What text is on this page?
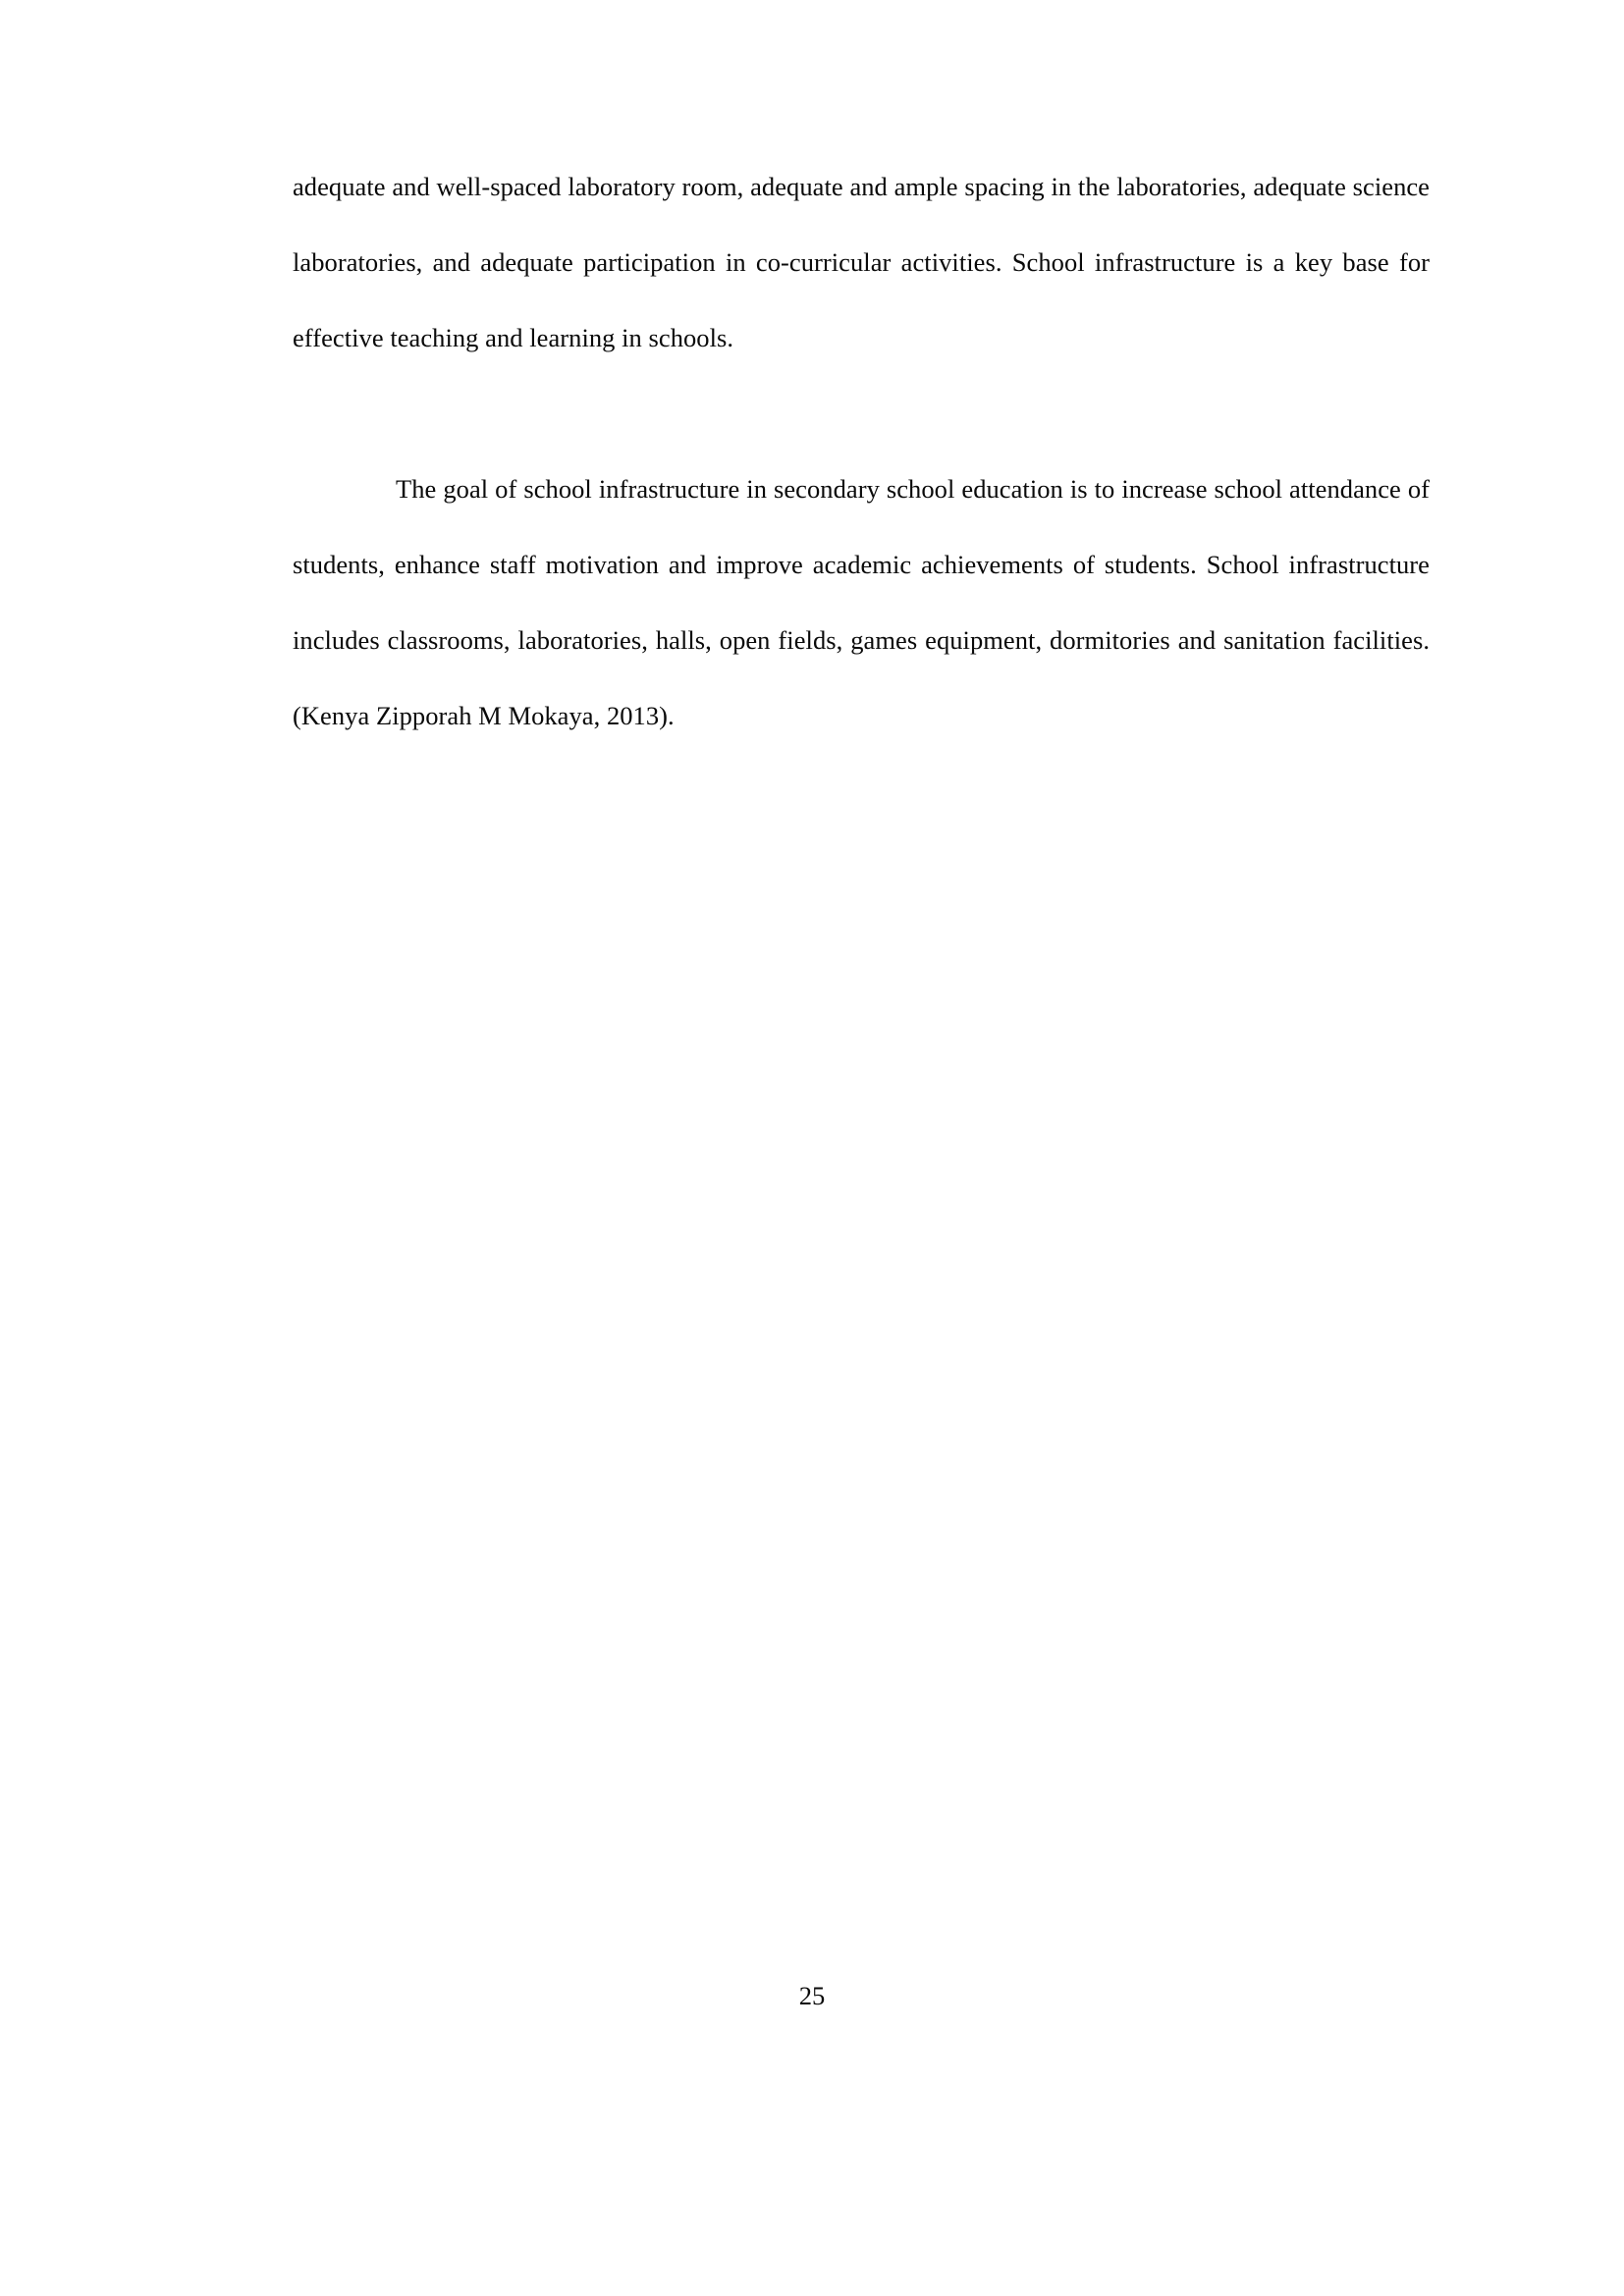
adequate and well-spaced laboratory room, adequate and ample spacing in the laboratories, adequate science laboratories, and adequate participation in co-curricular activities. School infrastructure is a key base for effective teaching and learning in schools.

The goal of school infrastructure in secondary school education is to increase school attendance of students, enhance staff motivation and improve academic achievements of students. School infrastructure includes classrooms, laboratories, halls, open fields, games equipment, dormitories and sanitation facilities. (Kenya Zipporah M Mokaya, 2013).

25
